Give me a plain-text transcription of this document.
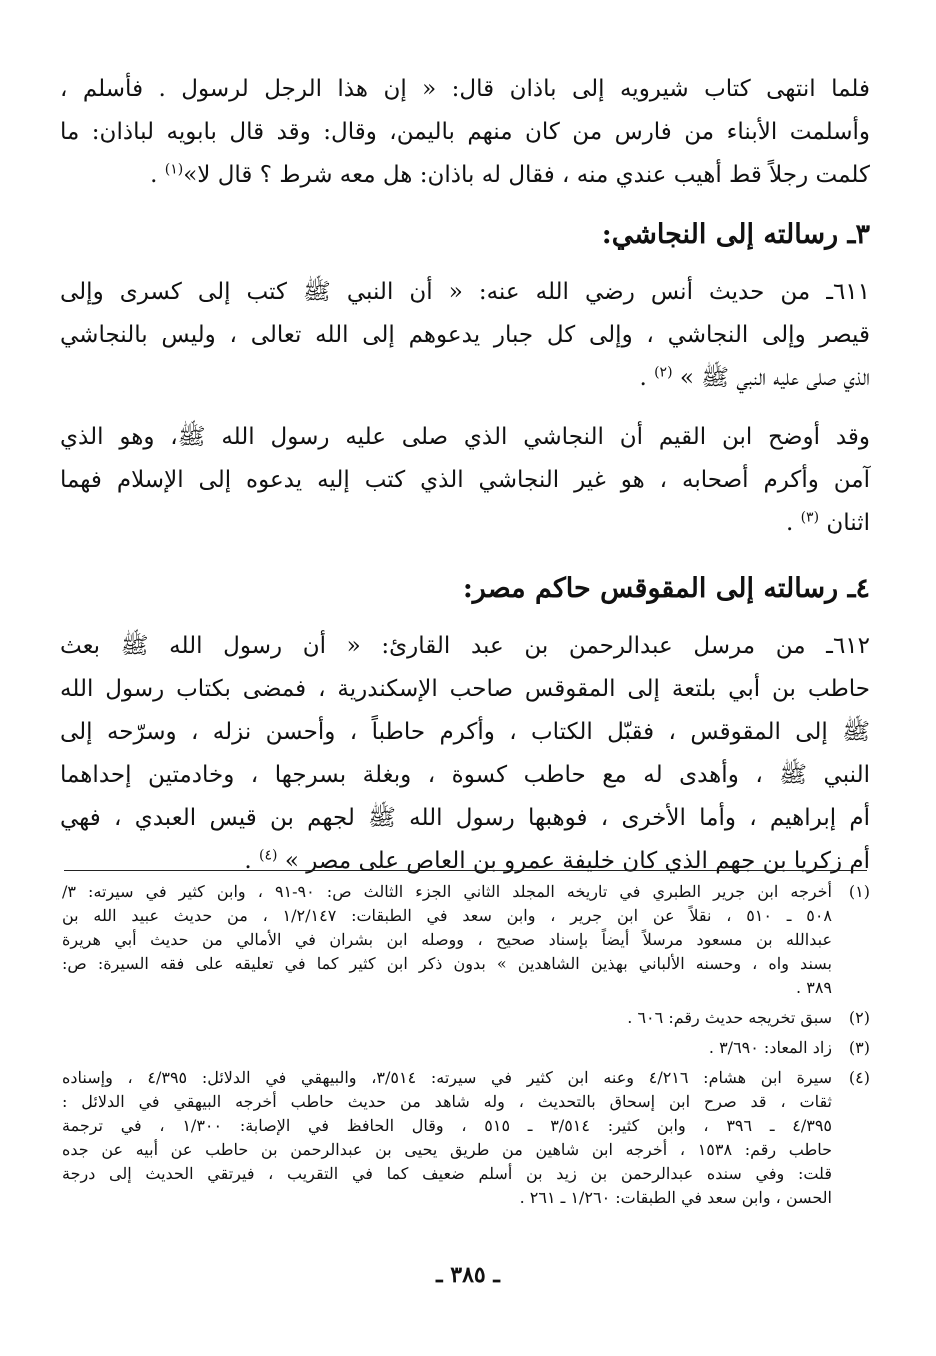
فلما انتهى كتاب شيرويه إلى باذان قال: « إن هذا الرجل لرسول . فأسلم ،
وأسلمت الأبناء من فارس من كان منهم باليمن، وقال: وقد قال بابويه لباذان: ما
كلمت رجلاً قط أهيب عندي منه ، فقال له باذان: هل معه شرط ؟ قال لا»$^{(١)}$ .

٣ـ رسالته إلى النجاشي:

٦١١ـ من حديث أنس رضي الله عنه: « أن النبي ﷺ كتب إلى كسرى وإلى
قيصر وإلى النجاشي ، وإلى كل جبار يدعوهم إلى الله تعالى ، وليس بالنجاشي
الذي صلى عليه النبي ﷺ » $^{(٢)}$ .

وقد أوضح ابن القيم أن النجاشي الذي صلى عليه رسول الله ﷺ، وهو الذي
آمن وأكرم أصحابه ، هو غير النجاشي الذي كتب إليه يدعوه إلى الإسلام فهما
اثنان $^{(٣)}$ .

٤ـ رسالته إلى المقوقس حاكم مصر:

٦١٢ـ من مرسل عبدالرحمن بن عبد القارئ: « أن رسول الله ﷺ بعث
حاطب بن أبي بلتعة إلى المقوقس صاحب الإسكندرية ، فمضى بكتاب رسول الله
ﷺ إلى المقوقس ، فقبّل الكتاب ، وأكرم حاطباً ، وأحسن نزله ، وسرّحه إلى
النبي ﷺ ، وأهدى له مع حاطب كسوة ، وبغلة بسرجها ، وخادمتين إحداهما
أم إبراهيم ، وأما الأخرى ، فوهبها رسول الله ﷺ لجهم بن قيس العبدي ، فهي
أم زكريا بن جهم الذي كان خليفة عمرو بن العاص على مصر » $^{(٤)}$ .

(١)
أخرجه ابن جرير الطبري في تاريخه المجلد الثاني الجزء الثالث ص: ٩٠-٩١ ، وابن كثير في سيرته: ٣/
٥٠٨ ـ ٥١٠ ، نقلاً عن ابن جرير ، وابن سعد في الطبقات: ١/٢/١٤٧ ، من حديث عبيد الله بن
عبدالله بن مسعود مرسلاً أيضاً بإسناد صحيح ، ووصله ابن بشران في الأمالي من حديث أبي هريرة
بسند واه ، وحسنه الألباني بهذين الشاهدين » بدون ذكر ابن كثير كما في تعليقه على فقه السيرة: ص:
٣٨٩ .
(٢)
سبق تخريجه حديث رقم: ٦٠٦ .
(٣)
زاد المعاد: ٣/٦٩٠ .
(٤)
سيرة ابن هشام: ٤/٢١٦ وعنه ابن كثير في سيرته: ٣/٥١٤، والبيهقي في الدلائل: ٤/٣٩٥ ، وإسناده
ثقات ، قد صرح ابن إسحاق بالتحديث ، وله شاهد من حديث حاطب أخرجه البيهقي في الدلائل :
٤/٣٩٥ ـ ٣٩٦ ، وابن كثير: ٣/٥١٤ ـ ٥١٥ ، وقال الحافظ في الإصابة: ١/٣٠٠ ، في ترجمة
حاطب رقم: ١٥٣٨ ، أخرجه ابن شاهين من طريق يحيى بن عبدالرحمن بن حاطب عن أبيه عن جده
قلت: وفي سنده عبدالرحمن بن زيد بن أسلم ضعيف كما في التقريب ، فيرتقي الحديث إلى درجة
الحسن ، وابن سعد في الطبقات: ١/٢٦٠ ـ ٢٦١ .
ـ ٣٨٥ ـ
